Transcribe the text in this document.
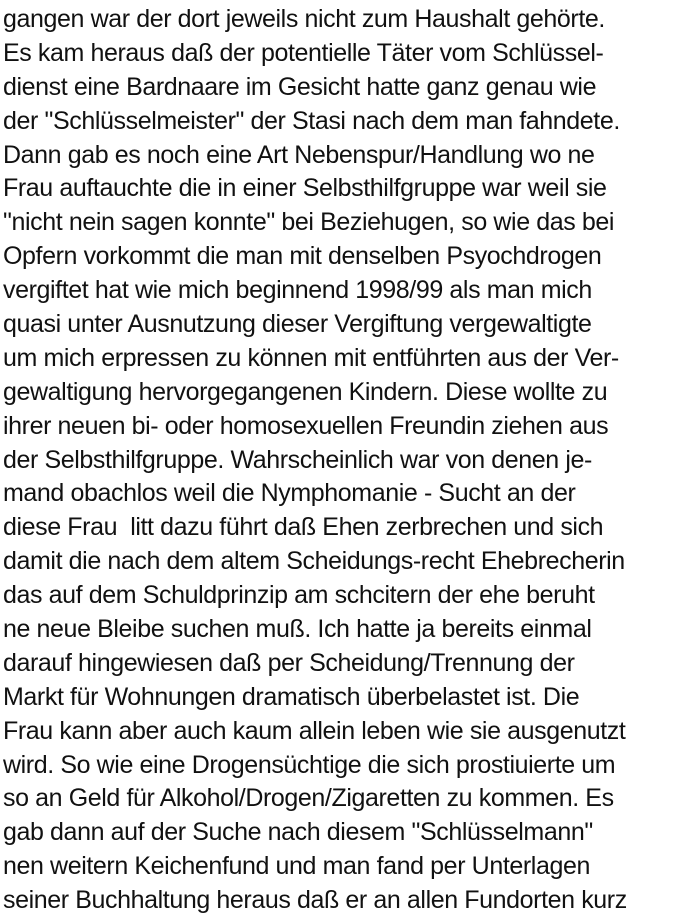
gangen war der dort jeweils nicht zum Haushalt gehörte.
Es kam heraus daß der potentielle Täter vom Schlüssel-
dienst eine Bardnaare im Gesicht hatte ganz genau wie
der "Schlüsselmeister" der Stasi nach dem man fahndete.
Dann gab es noch eine Art Nebenspur/Handlung wo ne
Frau auftauchte die in einer Selbsthilfgruppe war weil sie
"nicht nein sagen konnte" bei Beziehugen, so wie das bei
Opfern vorkommt die man mit denselben Psyochdrogen
vergiftet hat wie mich beginnend 1998/99 als man mich
quasi unter Ausnutzung dieser Vergiftung vergewaltigte
um mich erpressen zu können mit entführten aus der Ver-
gewaltigung hervorgegangenen Kindern. Diese wollte zu
ihrer neuen bi- oder homosexuellen Freundin ziehen aus
der Selbsthilfgruppe. Wahrscheinlich war von denen je-
mand obachlos weil die Nymphomanie - Sucht an der
diese Frau  litt dazu führt daß Ehen zerbrechen und sich
damit die nach dem altem Scheidungs-recht Ehebrecherin
das auf dem Schuldprinzip am schcitern der ehe beruht
ne neue Bleibe suchen muß. Ich hatte ja bereits einmal
darauf hingewiesen daß per Scheidung/Trennung der
Markt für Wohnungen dramatisch überbelastet ist. Die
Frau kann aber auch kaum allein leben wie sie ausgenutzt
wird. So wie eine Drogensüchtige die sich prostiuierte um
so an Geld für Alkohol/Drogen/Zigaretten zu kommen. Es
gab dann auf der Suche nach diesem "Schlüsselmann"
nen weitern Keichenfund und man fand per Unterlagen
seiner Buchhaltung heraus daß er an allen Fundorten kurz
